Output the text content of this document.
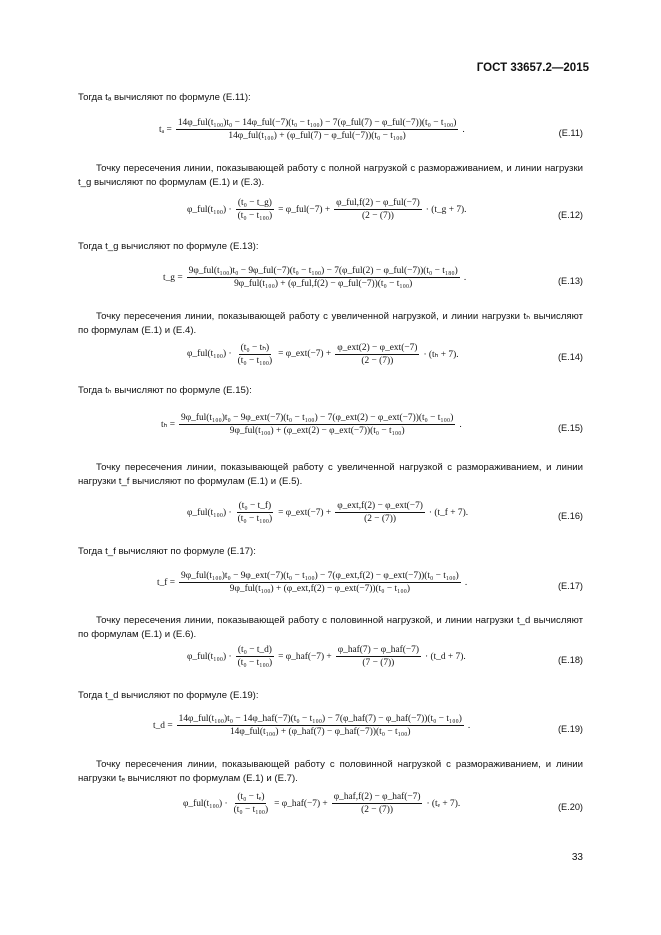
ГОСТ 33657.2—2015
Тогда tₐ вычисляют по формуле (Е.11):
tₐ =
14φ_ful(t₁₀₀)t₀ − 14φ_ful(−7)(t₀ − t₁₀₀) − 7(φ_ful(7) − φ_ful(−7))(t₀ − t₁₀₀)
14φ_ful(t₁₀₀) + (φ_ful(7) − φ_ful(−7))(t₀ − t₁₀₀)
.	(Е.11)
Точку пересечения линии, показывающей работу с полной нагрузкой с размораживанием, и линии нагрузки t_g вычисляют по формулам (Е.1) и (Е.3).
φ_ful(t₁₀₀) · $\frac{\text{(t₀ − t\_g)}}{\text{(t₀ − t₁₀₀)}}$ = φ_ful(−7) + $\frac{\text{φ\_ful,f(2) − φ\_ful(−7)}}{(2 - (7))}$ · (t_g + 7).
(Е.12)
Тогда t_g вычисляют по формуле (Е.13):
t_g =
9φ_ful(t₁₀₀)t₀ − 9φ_ful(−7)(t₀ − t₁₀₀) − 7(φ_ful(2) − φ_ful(−7))(t₀ − t₁₈₀)
9φ_ful(t₁₀₀) + (φ_ful,f(2) − φ_ful(−7))(t₀ − t₁₀₀)
.	(Е.13)
Точку пересечения линии, показывающей работу с увеличенной нагрузкой, и линии нагрузки tₕ вычисляют по формулам (Е.1) и (Е.4).
φ_ful(t₁₀₀) · $\frac{\text{(t₀ − tₕ)}}{\text{(t₀ − t₁₀₀)}}$ = φ_ext(−7) + $\frac{\text{φ\_ext(2) − φ\_ext(−7)}}{(2 - (7))} \cdot (t_h + 7)$.	(Е.14)
Тогда tₕ вычисляют по формуле (Е.15):
tₕ =
9φ_ful(t₁₀₀)t₀ − 9φ_ext(−7)(t₀ − t₁₀₀) − 7(φ_ext(2) − φ_ext(−7))(t₀ − t₁₀₀)
9φ_ful(t₁₀₀) + (φ_ext(2) − φ_ext(−7))(t₀ − t₁₀₀)
.	(Е.15)
Точку пересечения линии, показывающей работу с увеличенной нагрузкой с размораживанием, и линии нагрузки t_f вычисляют по формулам (Е.1) и (Е.5).
φ_ful(t₁₀₀) · $\frac{\text{(t₀ − t\_f)}}{\text{(t₀ − t₁₀₀)}}$ = φ_ext(−7) + $\frac{\text{φ\_ext,f(2) − φ\_ext(−7)}}{(2 - (7))}$ · (t_f + 7).	(Е.16)
Тогда t_f вычисляют по формуле (Е.17):
t_f =
9φ_ful(t₁₀₀)t₀ − 9φ_ext(−7)(t₀ − t₁₀₀) − 7(φ_ext,f(2) − φ_ext(−7))(t₀ − t₁₀₀)
9φ_ful(t₁₀₀) + (φ_ext,f(2) − φ_ext(−7))(t₀ − t₁₀₀)
.	(Е.17)
Точку пересечения линии, показывающей работу с половинной нагрузкой, и линии нагрузки t_d вычисляют по формулам (Е.1) и (Е.6).
φ_ful(t₁₀₀) · $\frac{\text{(t₀ − t\_d)}}{\text{(t₀ − t₁₀₀)}}$ = φ_haf(−7) + $\frac{\text{φ\_haf(7) − φ\_haf(−7)}}{(7 - (7))}$ · (t_d + 7).	(Е.18)
Тогда t_d вычисляют по формуле (Е.19):
t_d =
14φ_ful(t₁₀₀)t₀ − 14φ_haf(−7)(t₀ − t₁₀₀) − 7(φ_haf(7) − φ_haf(−7))(t₀ − t₁₀₀)
14φ_ful(t₁₀₀) + (φ_haf(7) − φ_haf(−7))(t₀ − t₁₀₀)
.	(Е.19)
Точку пересечения линии, показывающей работу с половинной нагрузкой с размораживанием, и линии нагрузки tₑ вычисляют по формулам (Е.1) и (Е.7).
φ_ful(t₁₀₀) · $\frac{\text{(t₀ − tₑ)}}{\text{(t₀ − t₁₀₀)}}$ = φ_haf(−7) + $\frac{\text{φ\_haf,f(2) − φ\_haf(−7)}}{(2 - (7))} \cdot (t_e + 7)$.	(Е.20)
33
